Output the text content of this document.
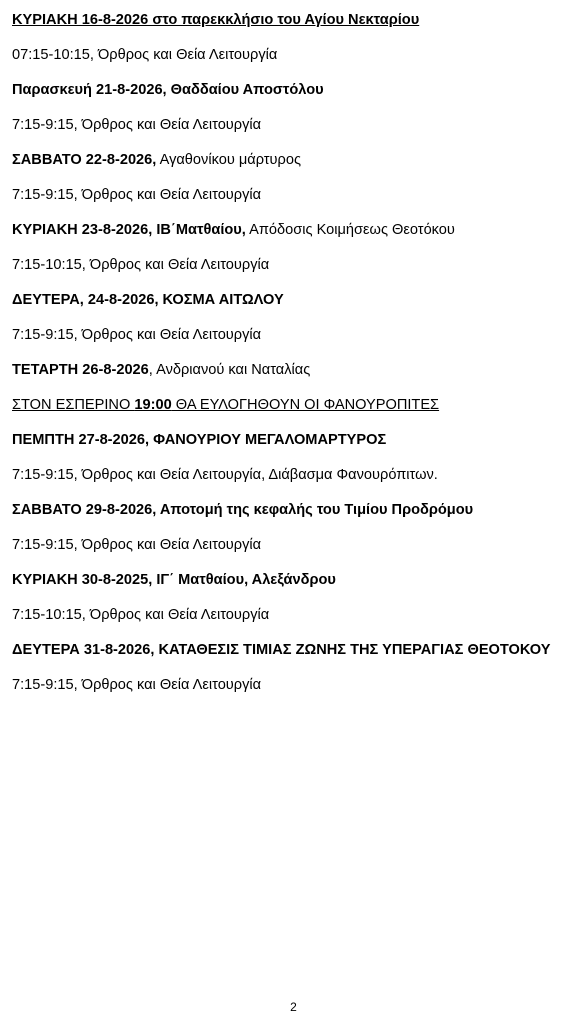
ΚΥΡΙΑΚΗ 16-8-2026 στο παρεκκλήσιο του Αγίου Νεκταρίου
07:15-10:15, Όρθρος και Θεία Λειτουργία
Παρασκευή 21-8-2026, Θαδδαίου Αποστόλου
7:15-9:15, Όρθρος και Θεία Λειτουργία
ΣΑΒΒΑΤΟ 22-8-2026, Αγαθονίκου μάρτυρος
7:15-9:15, Όρθρος και Θεία Λειτουργία
ΚΥΡΙΑΚΗ 23-8-2026, ΙΒ΄Ματθαίου, Απόδοσις Κοιμήσεως Θεοτόκου
7:15-10:15, Όρθρος και Θεία Λειτουργία
ΔΕΥΤΕΡΑ, 24-8-2026, ΚΟΣΜΑ ΑΙΤΩΛΟΥ
7:15-9:15, Όρθρος και Θεία Λειτουργία
ΤΕΤΑΡΤΗ 26-8-2026, Ανδριανού και Ναταλίας
ΣΤΟΝ ΕΣΠΕΡΙΝΟ 19:00 ΘΑ ΕΥΛΟΓΗΘΟΥΝ ΟΙ ΦΑΝΟΥΡΟΠΙΤΕΣ
ΠΕΜΠΤΗ 27-8-2026, ΦΑΝΟΥΡΙΟΥ ΜΕΓΑΛΟΜΑΡΤΥΡΟΣ
7:15-9:15, Όρθρος και Θεία Λειτουργία, Διάβασμα Φανουρόπιτων.
ΣΑΒΒΑΤΟ 29-8-2026, Αποτομή της κεφαλής του Τιμίου Προδρόμου
7:15-9:15, Όρθρος και Θεία Λειτουργία
ΚΥΡΙΑΚΗ 30-8-2025, ΙΓ΄ Ματθαίου, Αλεξάνδρου
7:15-10:15, Όρθρος και Θεία Λειτουργία
ΔΕΥΤΕΡΑ 31-8-2026, ΚΑΤΑΘΕΣΙΣ ΤΙΜΙΑΣ ΖΩΝΗΣ ΤΗΣ ΥΠΕΡΑΓΙΑΣ ΘΕΟΤΟΚΟΥ
7:15-9:15, Όρθρος και Θεία Λειτουργία
2
